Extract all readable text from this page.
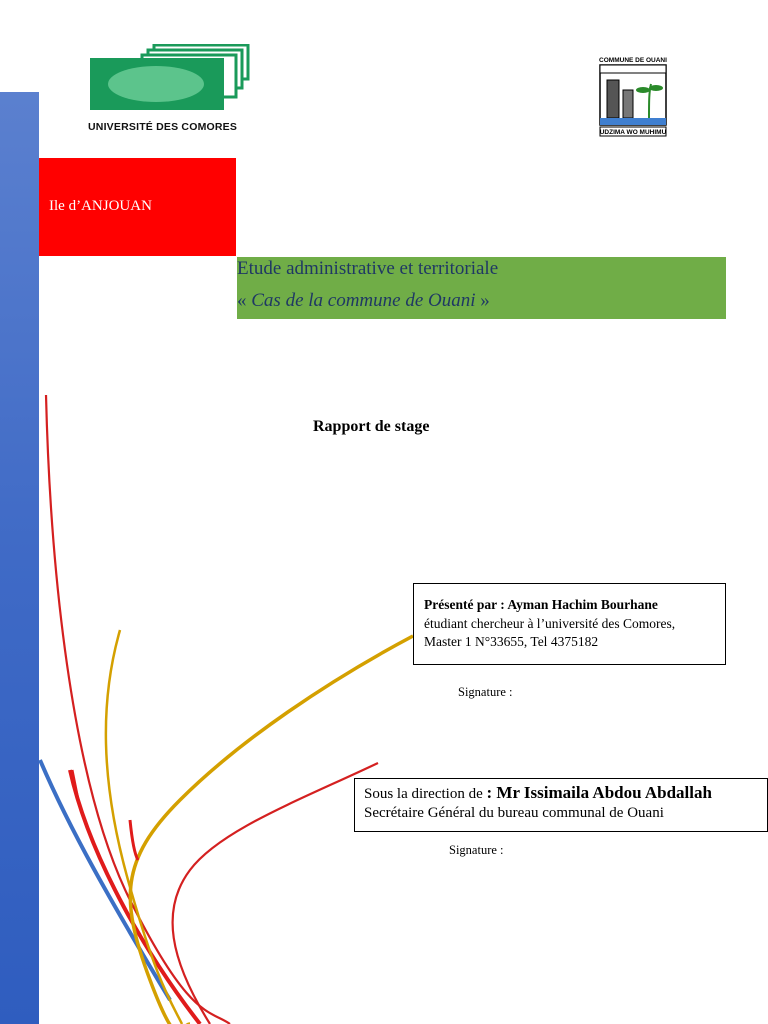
UNIVERSITÉ DES COMORES
COMMUNE DE OUANI
UDZIMA WO MUHIMU
Ile d’ANJOUAN
Etude administrative et territoriale
« Cas de la commune de Ouani »
Rapport de stage
Présenté par : Ayman Hachim Bourhane
étudiant chercheur à l’université des Comores,
Master 1 N°33655, Tel 4375182
Signature :
Sous la direction de : Mr Issimaila Abdou Abdallah
Secrétaire Général du bureau communal de Ouani
Signature :
